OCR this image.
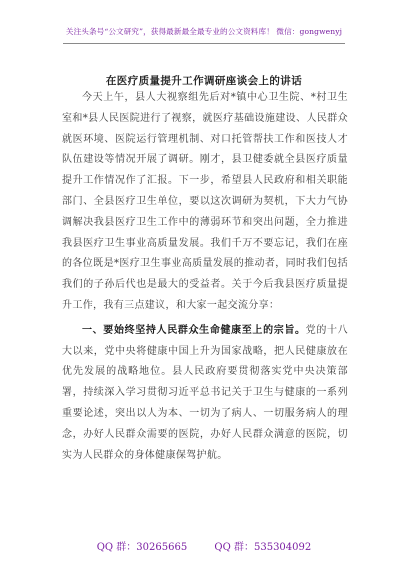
关注头条号“公文研究”，获得最新最全最专业的公文资料库！ 微信：gongwenyj
在医疗质量提升工作调研座谈会上的讲话

今天上午，县人大视察组先后对*镇中心卫生院、*村卫生室和*县人民医院进行了视察，就医疗基础设施建设、人民群众就医环境、医院运行管理机制、对口托管帮扶工作和医技人才队伍建设等情况开展了调研。刚才，县卫健委就全县医疗质量提升工作情况作了汇报。下一步，希望县人民政府和相关职能部门、全县医疗卫生单位，要以这次调研为契机，下大力气协调解决我县医疗卫生工作中的薄弱环节和突出问题，全力推进我县医疗卫生事业高质量发展。我们千万不要忘记，我们在座的各位既是*医疗卫生事业高质量发展的推动者，同时我们包括我们的子孙后代也是最大的受益者。关于今后我县医疗质量提升工作，我有三点建议，和大家一起交流分享：

一、要始终坚持人民群众生命健康至上的宗旨。党的十八大以来，党中央将健康中国上升为国家战略，把人民健康放在优先发展的战略地位。县人民政府要贯彻落实党中央决策部署，持续深入学习贯彻习近平总书记关于卫生与健康的一系列重要论述，突出以人为本、一切为了病人、一切服务病人的理念，办好人民群众需要的医院，办好人民群众满意的医院，切实为人民群众的身体健康保驾护航。

QQ 群：30265665	QQ 群：535304092
